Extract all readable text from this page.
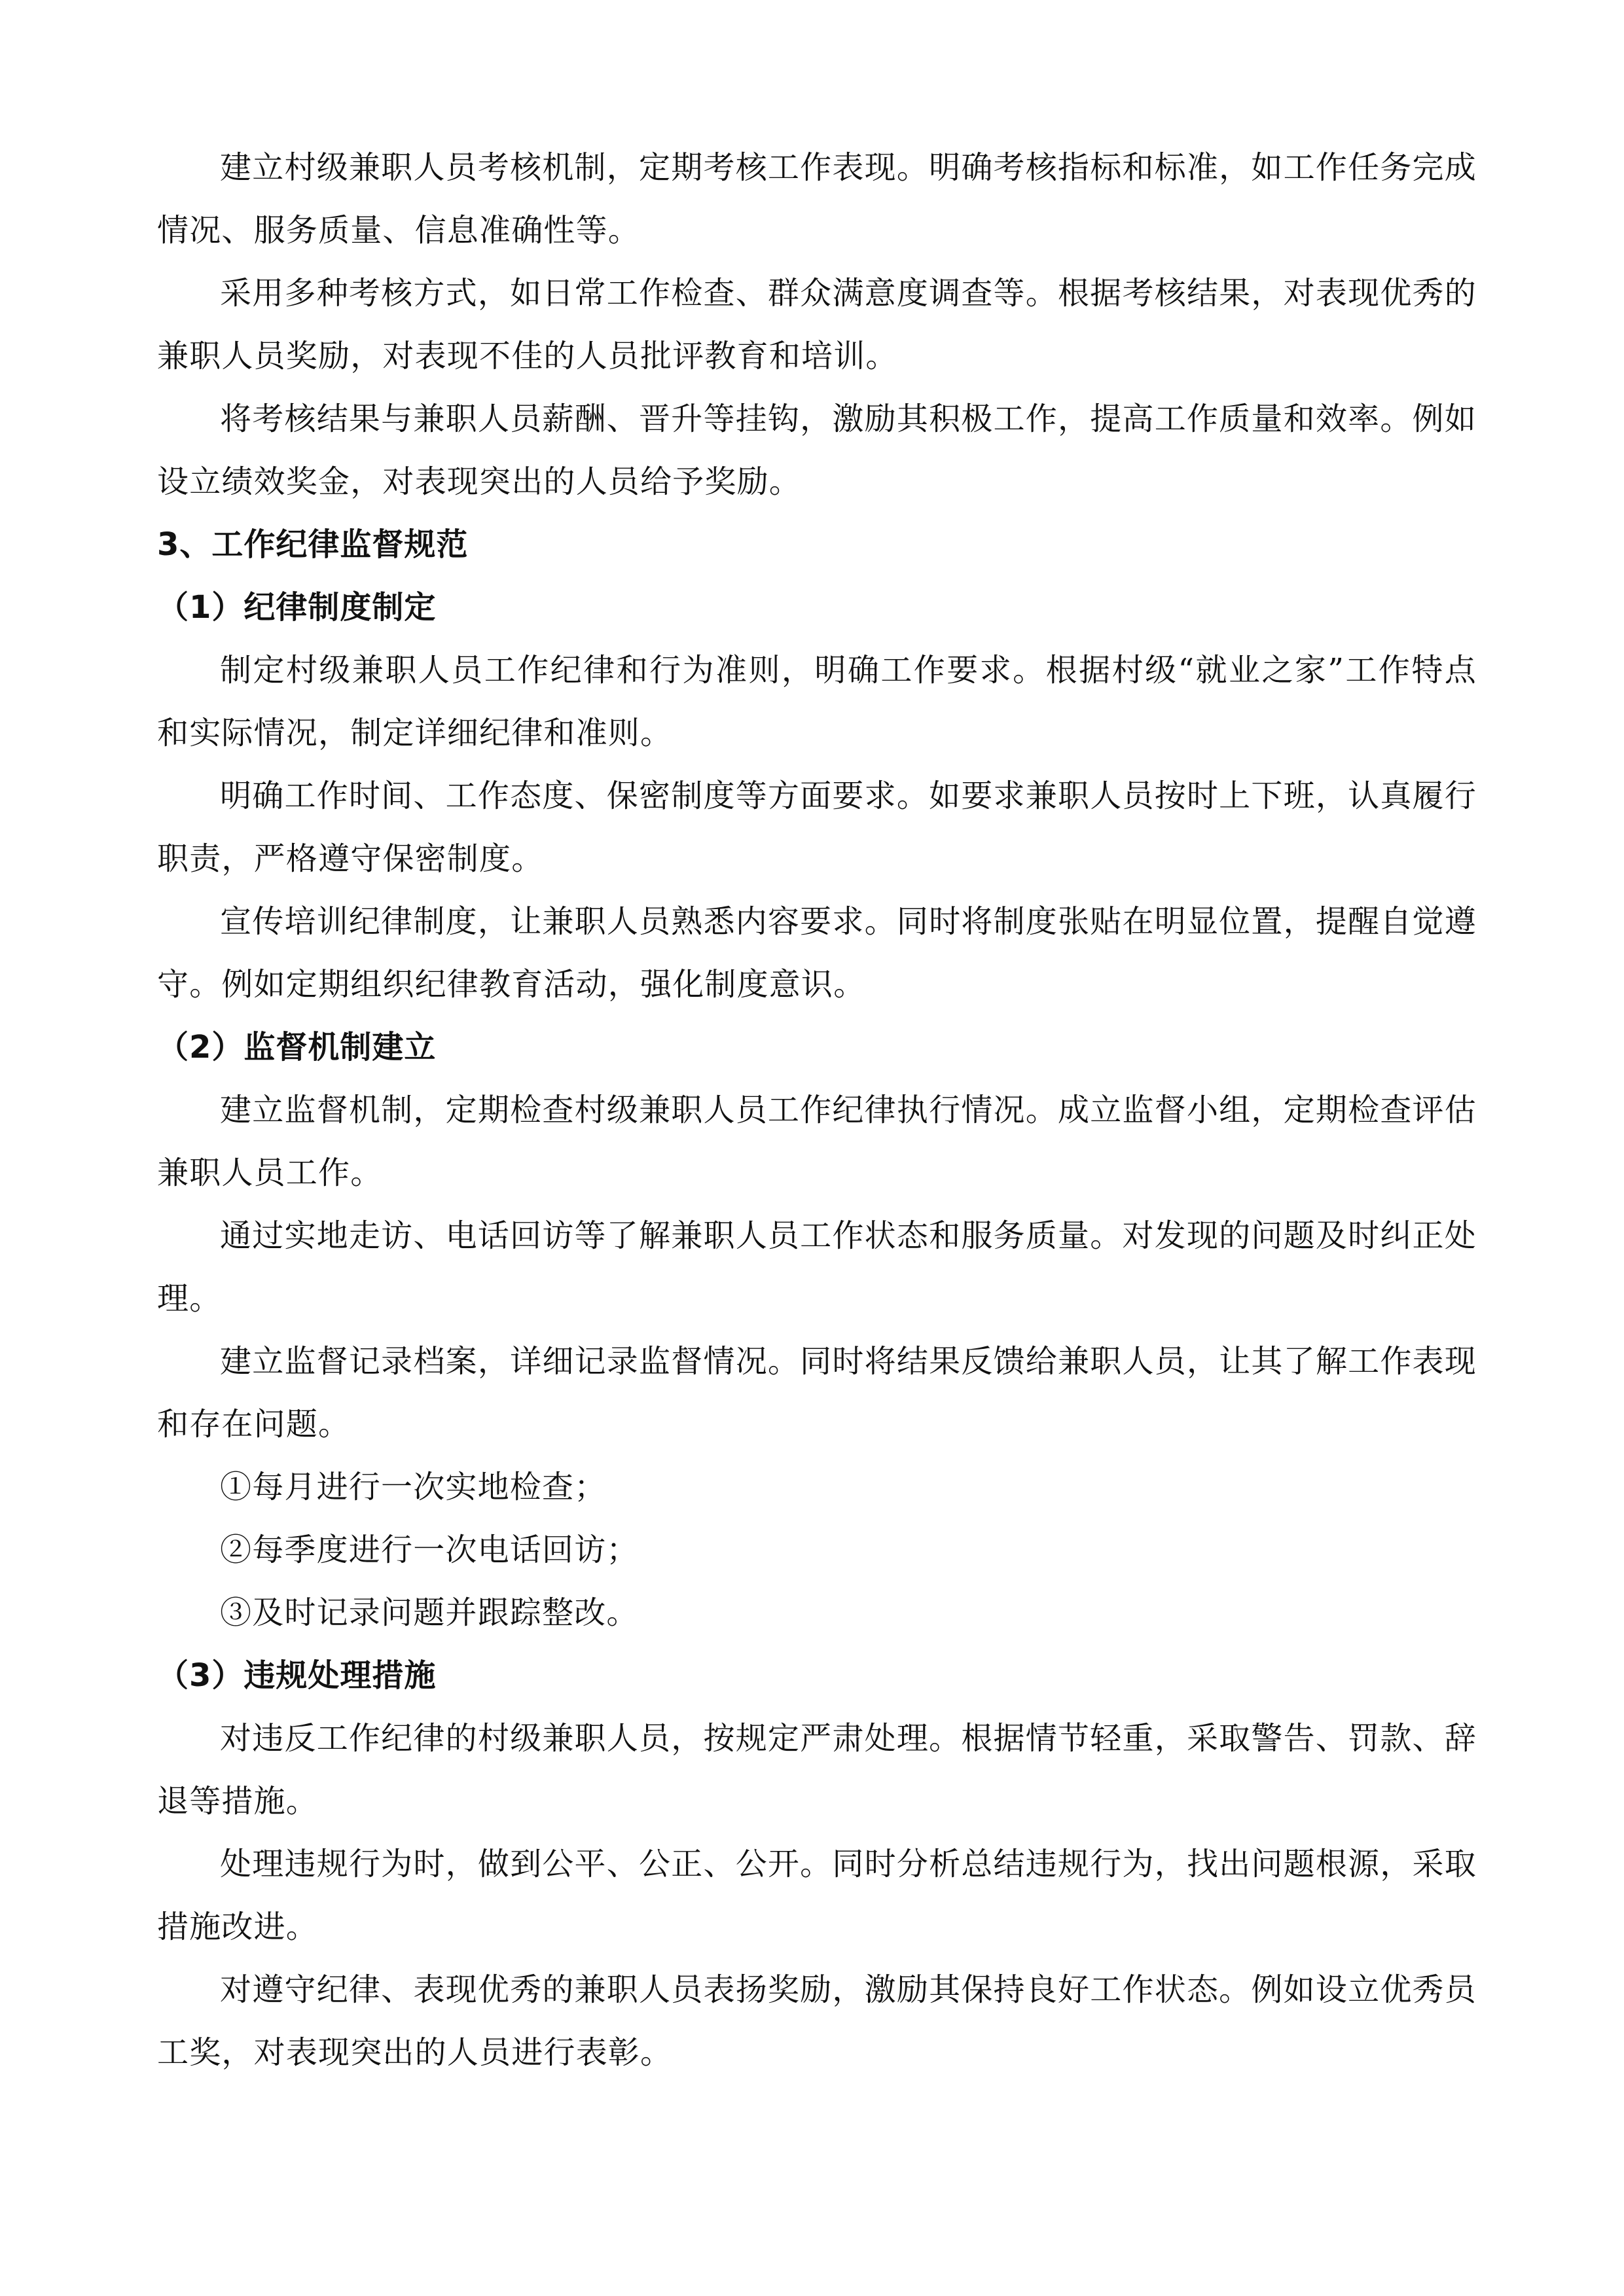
建立村级兼职人员考核机制，定期考核工作表现。明确考核指标和标准，如工作任务完成情况、服务质量、信息准确性等。

采用多种考核方式，如日常工作检查、群众满意度调查等。根据考核结果，对表现优秀的兼职人员奖励，对表现不佳的人员批评教育和培训。

将考核结果与兼职人员薪酬、晋升等挂钩，激励其积极工作，提高工作质量和效率。例如设立绩效奖金，对表现突出的人员给予奖励。

3、工作纪律监督规范

（1）纪律制度制定

制定村级兼职人员工作纪律和行为准则，明确工作要求。根据村级“就业之家”工作特点和实际情况，制定详细纪律和准则。

明确工作时间、工作态度、保密制度等方面要求。如要求兼职人员按时上下班，认真履行职责，严格遵守保密制度。

宣传培训纪律制度，让兼职人员熟悉内容要求。同时将制度张贴在明显位置，提醒自觉遵守。例如定期组织纪律教育活动，强化制度意识。

（2）监督机制建立

建立监督机制，定期检查村级兼职人员工作纪律执行情况。成立监督小组，定期检查评估兼职人员工作。

通过实地走访、电话回访等了解兼职人员工作状态和服务质量。对发现的问题及时纠正处理。

建立监督记录档案，详细记录监督情况。同时将结果反馈给兼职人员，让其了解工作表现和存在问题。

①每月进行一次实地检查；

②每季度进行一次电话回访；

③及时记录问题并跟踪整改。

（3）违规处理措施

对违反工作纪律的村级兼职人员，按规定严肃处理。根据情节轻重，采取警告、罚款、辞退等措施。

处理违规行为时，做到公平、公正、公开。同时分析总结违规行为，找出问题根源，采取措施改进。

对遵守纪律、表现优秀的兼职人员表扬奖励，激励其保持良好工作状态。例如设立优秀员工奖，对表现突出的人员进行表彰。
